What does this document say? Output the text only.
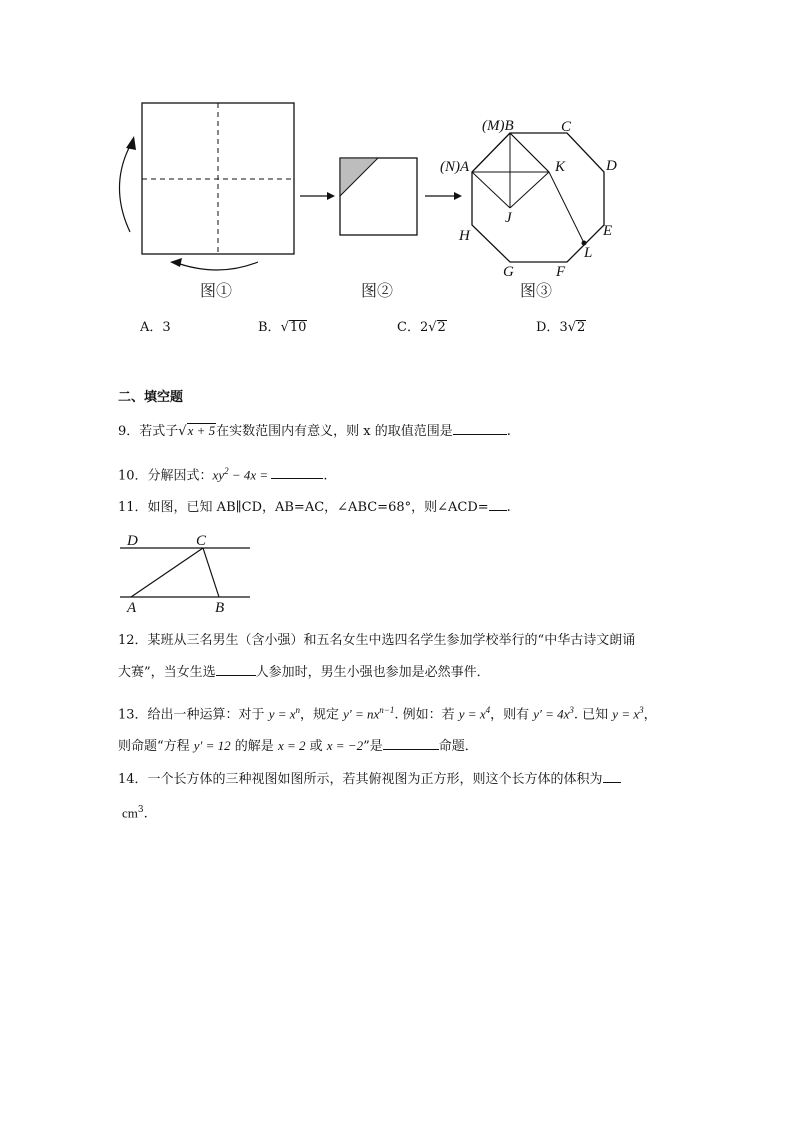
图①	图②
(M)B	C
D
(N)A	K
J
E
H
L
G	F
图③
A．3	B．√10	C．2√2	D．3√2
二、填空题
9．若式子√x + 5在实数范围内有意义，则 x 的取值范围是	.
10．分解因式：$xy^2 - 4x$ =	.
11．如图，已知 AB∥CD，AB=AC，∠ABC=68°，则∠ACD= .
D	C
A	B
12．某班从三名男生（含小强）和五名女生中选四名学生参加学校举行的“中华古诗文朗诵
大赛”，当女生选	人参加时，男生小强也参加是必然事件．
13．给出一种运算：对于 $y = x^n$，规定 $y' = nx^{n-1}$. 例如：若 $y = x^4$，则有 $y' = 4x^3$. 已知 $y = x^3$，
则命题“方程 y′ = 12 的解是 x = 2 或 x = −2”是	命题．
14．一个长方体的三种视图如图所示，若其俯视图为正方形，则这个长方体的体积为
$cm^3$.
